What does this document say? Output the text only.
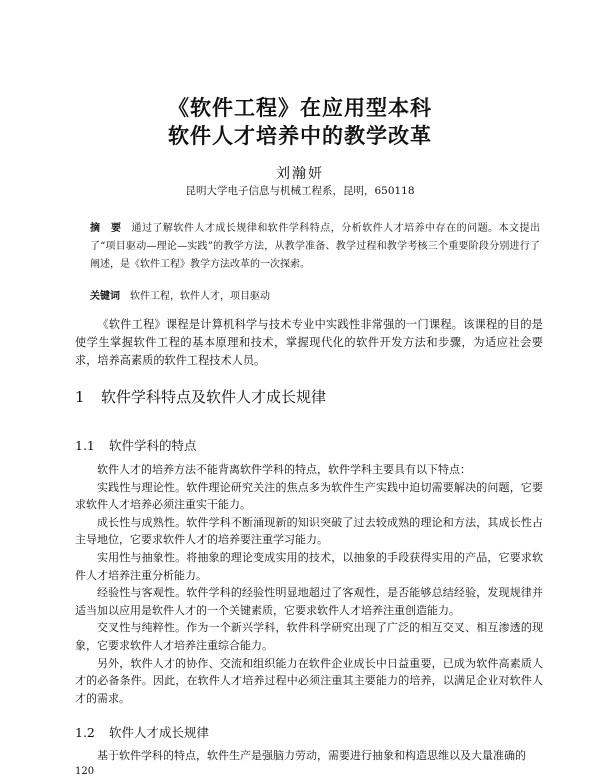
《软件工程》在应用型本科
软件人才培养中的教学改革
刘瀚妍
昆明大学电子信息与机械工程系，昆明，650118
摘　要 通过了解软件人才成长规律和软件学科特点，分析软件人才培养中存在的问题。本文提出了“项目驱动—理论—实践”的教学方法，从教学准备、教学过程和教学考核三个重要阶段分别进行了阐述，是《软件工程》教学方法改革的一次探索。
关键词 软件工程，软件人才，项目驱动

《软件工程》课程是计算机科学与技术专业中实践性非常强的一门课程。该课程的目的是使学生掌握软件工程的基本原理和技术，掌握现代化的软件开发方法和步骤，为适应社会要求，培养高素质的软件工程技术人员。

1 软件学科特点及软件人才成长规律
1.1 软件学科的特点

软件人才的培养方法不能背离软件学科的特点，软件学科主要具有以下特点：

实践性与理论性。软件理论研究关注的焦点多为软件生产实践中迫切需要解决的问题，它要求软件人才培养必须注重实干能力。

成长性与成熟性。软件学科不断涌现新的知识突破了过去较成熟的理论和方法，其成长性占主导地位，它要求软件人才的培养要注重学习能力。

实用性与抽象性。将抽象的理论变成实用的技术，以抽象的手段获得实用的产品，它要求软件人才培养注重分析能力。

经验性与客观性。软件学科的经验性明显地超过了客观性，是否能够总结经验，发现规律并适当加以应用是软件人才的一个关键素质，它要求软件人才培养注重创造能力。

交叉性与纯粹性。作为一个新兴学科，软件科学研究出现了广泛的相互交叉、相互渗透的现象，它要求软件人才培养注重综合能力。

另外，软件人才的协作、交流和组织能力在软件企业成长中日益重要，已成为软件高素质人才的必备条件。因此，在软件人才培养过程中必须注重其主要能力的培养，以满足企业对软件人才的需求。

1.2 软件人才成长规律

基于软件学科的特点，软件生产是强脑力劳动，需要进行抽象和构造思维以及大量准确的

120
